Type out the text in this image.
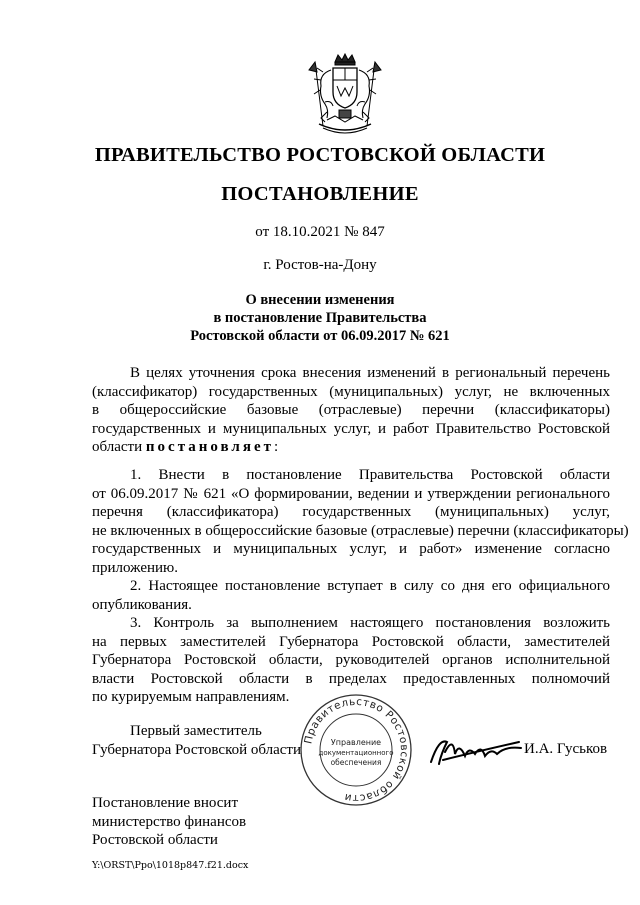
ПРАВИТЕЛЬСТВО РОСТОВСКОЙ ОБЛАСТИ
ПОСТАНОВЛЕНИЕ
от 18.10.2021 № 847
г. Ростов-на-Дону
О внесении изменения
в постановление Правительства
Ростовской области от 06.09.2017 № 621
В целях уточнения срока внесения изменений в региональный перечень
(классификатор) государственных (муниципальных) услуг, не включенных
в общероссийские базовые (отраслевые) перечни (классификаторы)
государственных и муниципальных услуг, и работ Правительство Ростовской
области постановляет:
1. Внести в постановление Правительства Ростовской области
от 06.09.2017 № 621 «О формировании, ведении и утверждении регионального
перечня (классификатора) государственных (муниципальных) услуг,
не включенных в общероссийские базовые (отраслевые) перечни (классификаторы)
государственных и муниципальных услуг, и работ» изменение согласно
приложению.
2. Настоящее постановление вступает в силу со дня его официального
опубликования.
3. Контроль за выполнением настоящего постановления возложить
на первых заместителей Губернатора Ростовской области, заместителей
Губернатора Ростовской области, руководителей органов исполнительной
власти Ростовской области в пределах предоставленных полномочий
по курируемым направлениям.
Первый заместитель
Губернатора Ростовской области
Правительство Ростовской области
Управление
документационного
обеспечения
И.А. Гуськов
Постановление вносит
министерство финансов
Ростовской области
Y:\ORST\Ppo\1018p847.f21.docx
